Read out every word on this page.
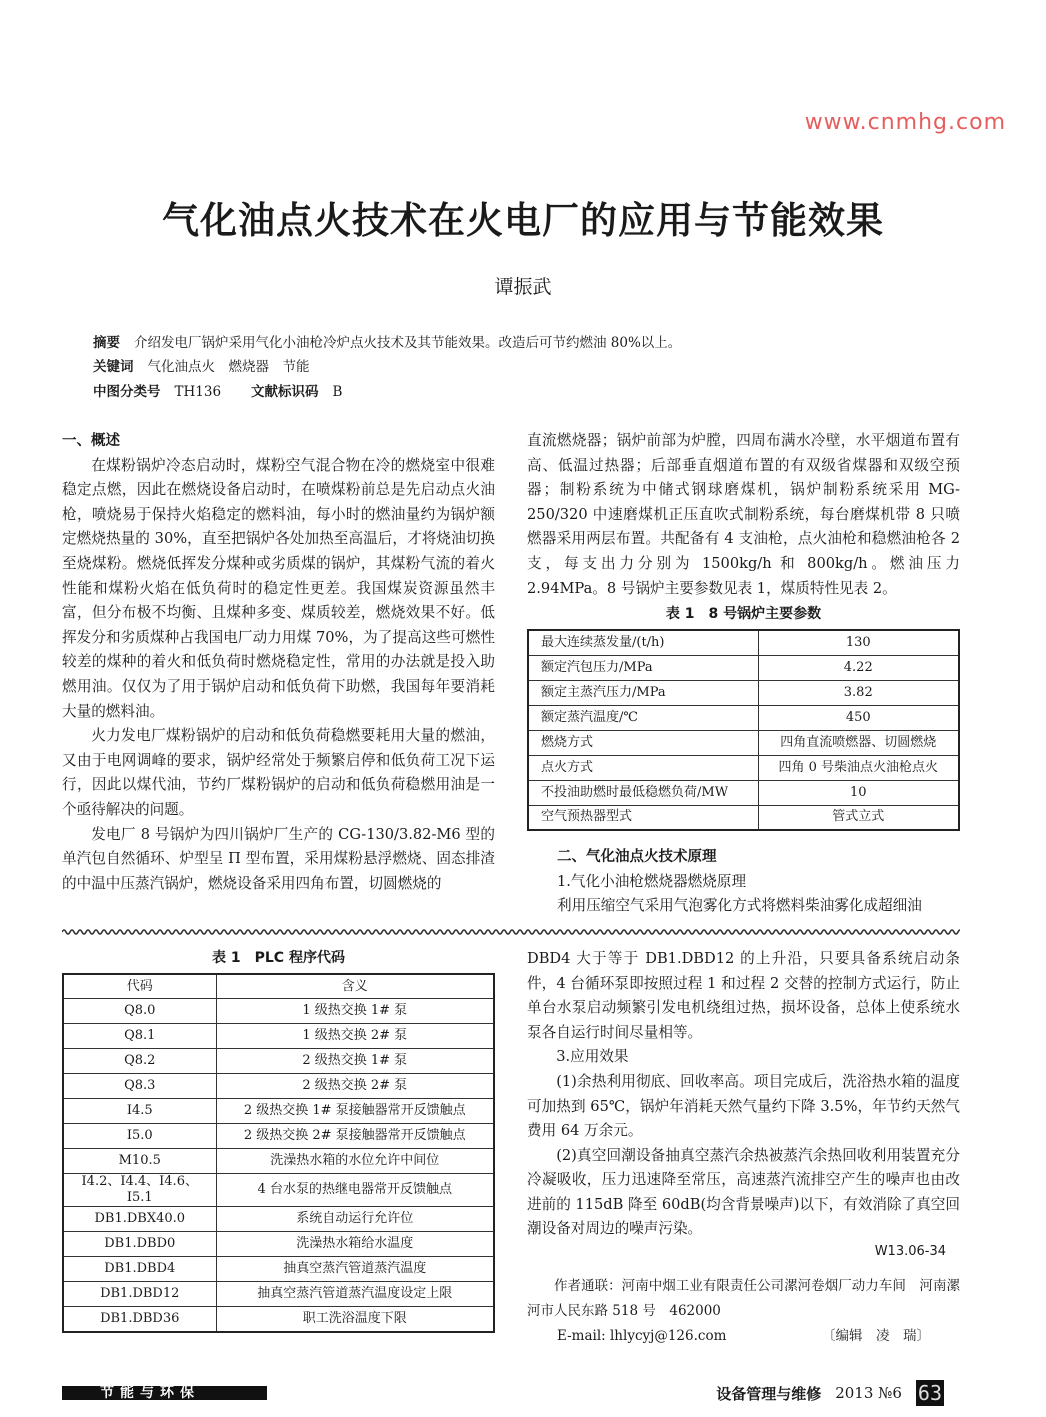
气化油点火技术在火电厂的应用与节能效果
谭振武
www.cnmhg.com
摘要 介绍发电厂锅炉采用气化小油枪冷炉点火技术及其节能效果。改造后可节约燃油 80%以上。
关键词 气化油点火　 燃烧器　 节能
中图分类号 TH136 文献标识码 B
一、概述

在煤粉锅炉冷态启动时，煤粉空气混合物在冷的燃烧室中很难稳定点燃，因此在燃烧设备启动时，在喷煤粉前总是先启动点火油枪，喷烧易于保持火焰稳定的燃料油，每小时的燃油量约为锅炉额定燃烧热量的 30%，直至把锅炉各处加热至高温后，才将烧油切换至烧煤粉。燃烧低挥发分煤种或劣质煤的锅炉，其煤粉气流的着火性能和煤粉火焰在低负荷时的稳定性更差。我国煤炭资源虽然丰富，但分布极不均衡、且煤种多变、煤质较差，燃烧效果不好。低挥发分和劣质煤种占我国电厂动力用煤 70%，为了提高这些可燃性较差的煤种的着火和低负荷时燃烧稳定性，常用的办法就是投入助燃用油。仅仅为了用于锅炉启动和低负荷下助燃，我国每年要消耗大量的燃料油。

火力发电厂煤粉锅炉的启动和低负荷稳燃要耗用大量的燃油，又由于电网调峰的要求，锅炉经常处于频繁启停和低负荷工况下运行，因此以煤代油，节约厂煤粉锅炉的启动和低负荷稳燃用油是一个亟待解决的问题。

发电厂 8 号锅炉为四川锅炉厂生产的 CG-130/3.82-M6 型的单汽包自然循环、炉型呈 Π 型布置，采用煤粉悬浮燃烧、固态排渣的中温中压蒸汽锅炉，燃烧设备采用四角布置，切圆燃烧的

直流燃烧器；锅炉前部为炉膛，四周布满水冷壁，水平烟道布置有高、低温过热器；后部垂直烟道布置的有双级省煤器和双级空预器；制粉系统为中储式钢球磨煤机，锅炉制粉系统采用 MG-250/320 中速磨煤机正压直吹式制粉系统，每台磨煤机带 8 只喷燃器采用两层布置。共配备有 4 支油枪，点火油枪和稳燃油枪各 2 支，每支出力分别为 1500kg/h 和 800kg/h。燃油压力 2.94MPa。8 号锅炉主要参数见表 1，煤质特性见表 2。

表 1　8 号锅炉主要参数
最大连续蒸发量/(t/h)	130
额定汽包压力/MPa	4.22
额定主蒸汽压力/MPa	3.82
额定蒸汽温度/℃	450
燃烧方式	四角直流喷燃器、切圆燃烧
点火方式	四角 0 号柴油点火油枪点火
不投油助燃时最低稳燃负荷/MW	10
空气预热器型式	管式立式
二、气化油点火技术原理
1.气化小油枪燃烧器燃烧原理
利用压缩空气采用气泡雾化方式将燃料柴油雾化成超细油
表 1　PLC 程序代码
代码	含义
Q8.0	1 级热交换 1# 泵
Q8.1	1 级热交换 2# 泵
Q8.2	2 级热交换 1# 泵
Q8.3	2 级热交换 2# 泵
I4.5	2 级热交换 1# 泵接触器常开反馈触点
I5.0	2 级热交换 2# 泵接触器常开反馈触点
M10.5	洗澡热水箱的水位允许中间位
I4.2、I4.4、I4.6、I5.1	4 台水泵的热继电器常开反馈触点
DB1.DBX40.0	系统自动运行允许位
DB1.DBD0	洗澡热水箱给水温度
DB1.DBD4	抽真空蒸汽管道蒸汽温度
DB1.DBD12	抽真空蒸汽管道蒸汽温度设定上限
DB1.DBD36	职工洗浴温度下限

DBD4 大于等于 DB1.DBD12 的上升沿，只要具备系统启动条件，4 台循环泵即按照过程 1 和过程 2 交替的控制方式运行，防止单台水泵启动频繁引发电机绕组过热，损坏设备，总体上使系统水泵各自运行时间尽量相等。

3.应用效果

(1)余热利用彻底、回收率高。项目完成后，洗浴热水箱的温度可加热到 65℃，锅炉年消耗天然气量约下降 3.5%，年节约天然气费用 64 万余元。

(2)真空回潮设备抽真空蒸汽余热被蒸汽余热回收利用装置充分冷凝吸收，压力迅速降至常压，高速蒸汽流排空产生的噪声也由改进前的 115dB 降至 60dB(均含背景噪声)以下，有效消除了真空回潮设备对周边的噪声污染。

W13.06-34

作者通联：河南中烟工业有限责任公司漯河卷烟厂动力车间　河南漯河市人民东路 518 号　462000

E-mail: lhlycyj@126.com	〔编辑　凌　瑞〕
节能与环保	设备管理与维修 2013 №6 63
